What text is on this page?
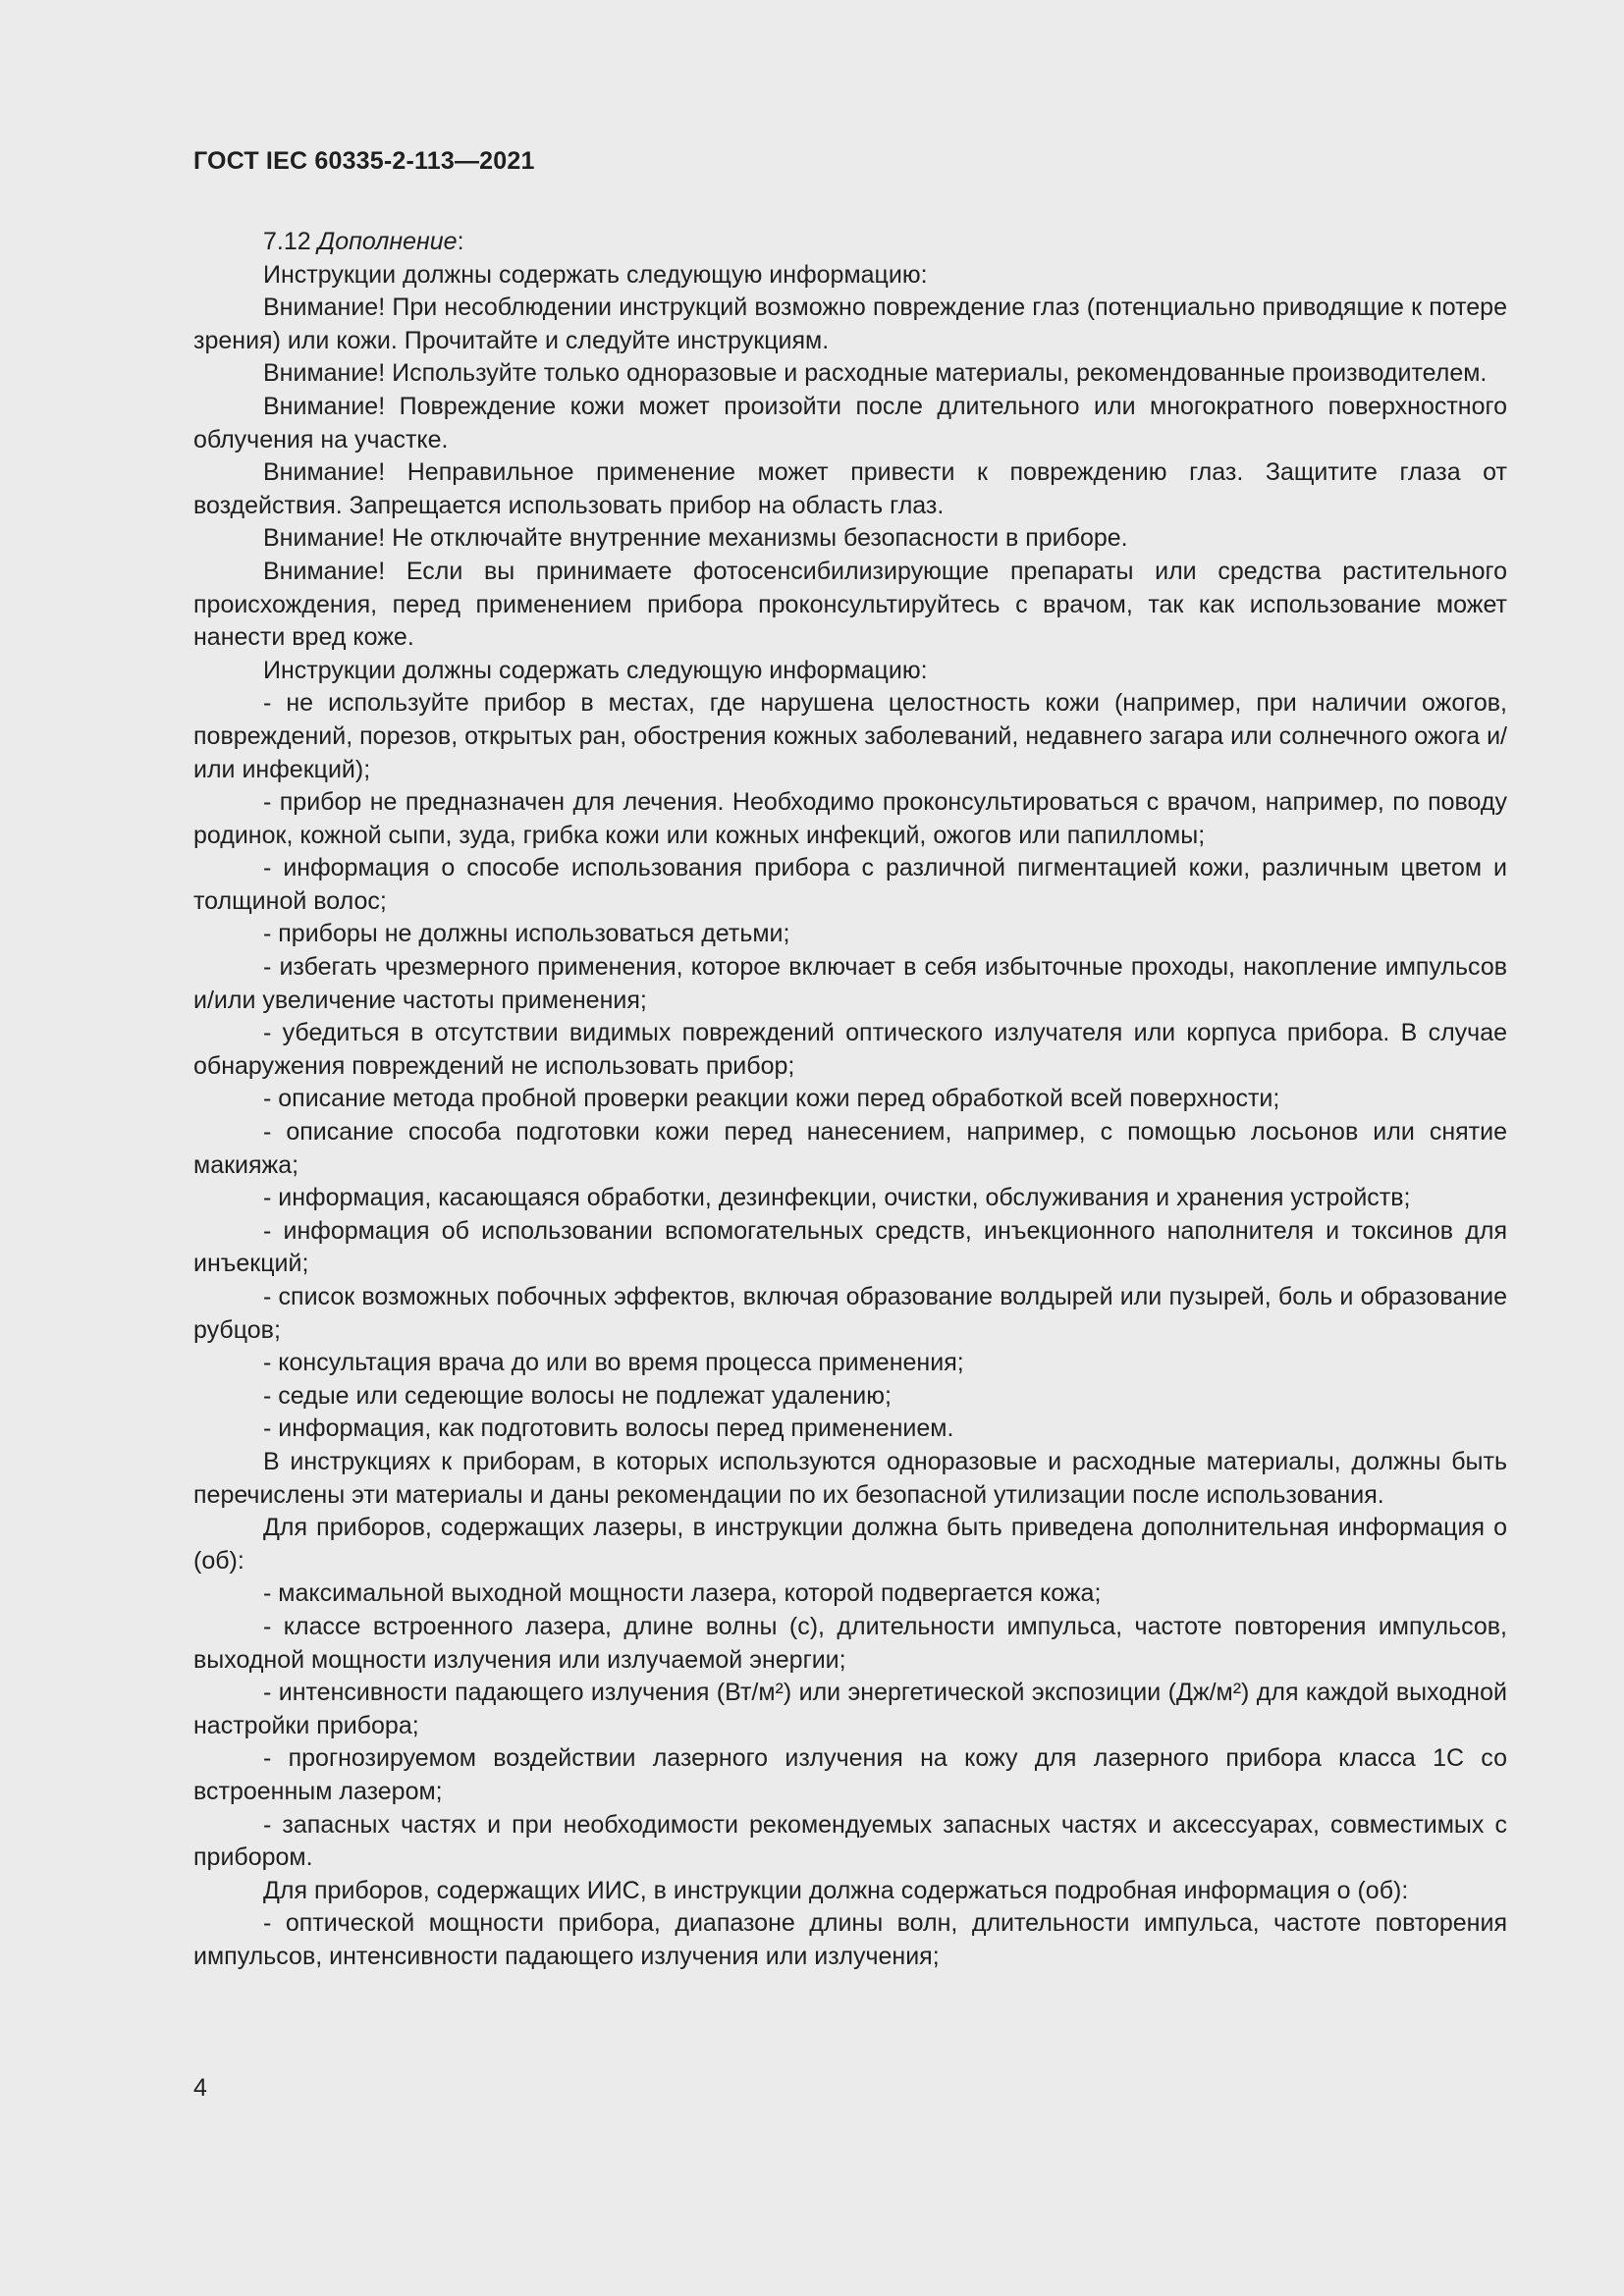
ГОСТ IEC 60335-2-113—2021

7.12 Дополнение:

Инструкции должны содержать следующую информацию:

Внимание! При несоблюдении инструкций возможно повреждение глаз (потенциально приводящие к потере зрения) или кожи. Прочитайте и следуйте инструкциям.

Внимание! Используйте только одноразовые и расходные материалы, рекомендованные производителем.

Внимание! Повреждение кожи может произойти после длительного или многократного поверхностного облучения на участке.

Внимание! Неправильное применение может привести к повреждению глаз. Защитите глаза от воздействия. Запрещается использовать прибор на область глаз.

Внимание! Не отключайте внутренние механизмы безопасности в приборе.

Внимание! Если вы принимаете фотосенсибилизирующие препараты или средства растительного происхождения, перед применением прибора проконсультируйтесь с врачом, так как использование может нанести вред коже.

Инструкции должны содержать следующую информацию:

- не используйте прибор в местах, где нарушена целостность кожи (например, при наличии ожогов, повреждений, порезов, открытых ран, обострения кожных заболеваний, недавнего загара или солнечного ожога и/или инфекций);

- прибор не предназначен для лечения. Необходимо проконсультироваться с врачом, например, по поводу родинок, кожной сыпи, зуда, грибка кожи или кожных инфекций, ожогов или папилломы;

- информация о способе использования прибора с различной пигментацией кожи, различным цветом и толщиной волос;

- приборы не должны использоваться детьми;

- избегать чрезмерного применения, которое включает в себя избыточные проходы, накопление импульсов и/или увеличение частоты применения;

- убедиться в отсутствии видимых повреждений оптического излучателя или корпуса прибора. В случае обнаружения повреждений не использовать прибор;

- описание метода пробной проверки реакции кожи перед обработкой всей поверхности;

- описание способа подготовки кожи перед нанесением, например, с помощью лосьонов или снятие макияжа;

- информация, касающаяся обработки, дезинфекции, очистки, обслуживания и хранения устройств;

- информация об использовании вспомогательных средств, инъекционного наполнителя и токсинов для инъекций;

- список возможных побочных эффектов, включая образование волдырей или пузырей, боль и образование рубцов;

- консультация врача до или во время процесса применения;

- седые или седеющие волосы не подлежат удалению;

- информация, как подготовить волосы перед применением.

В инструкциях к приборам, в которых используются одноразовые и расходные материалы, должны быть перечислены эти материалы и даны рекомендации по их безопасной утилизации после использования.

Для приборов, содержащих лазеры, в инструкции должна быть приведена дополнительная информация о (об):

- максимальной выходной мощности лазера, которой подвергается кожа;

- классе встроенного лазера, длине волны (с), длительности импульса, частоте повторения импульсов, выходной мощности излучения или излучаемой энергии;

- интенсивности падающего излучения (Вт/м²) или энергетической экспозиции (Дж/м²) для каждой выходной настройки прибора;

- прогнозируемом воздействии лазерного излучения на кожу для лазерного прибора класса 1С со встроенным лазером;

- запасных частях и при необходимости рекомендуемых запасных частях и аксессуарах, совместимых с прибором.

Для приборов, содержащих ИИС, в инструкции должна содержаться подробная информация о (об):

- оптической мощности прибора, диапазоне длины волн, длительности импульса, частоте повторения импульсов, интенсивности падающего излучения или излучения;

4
